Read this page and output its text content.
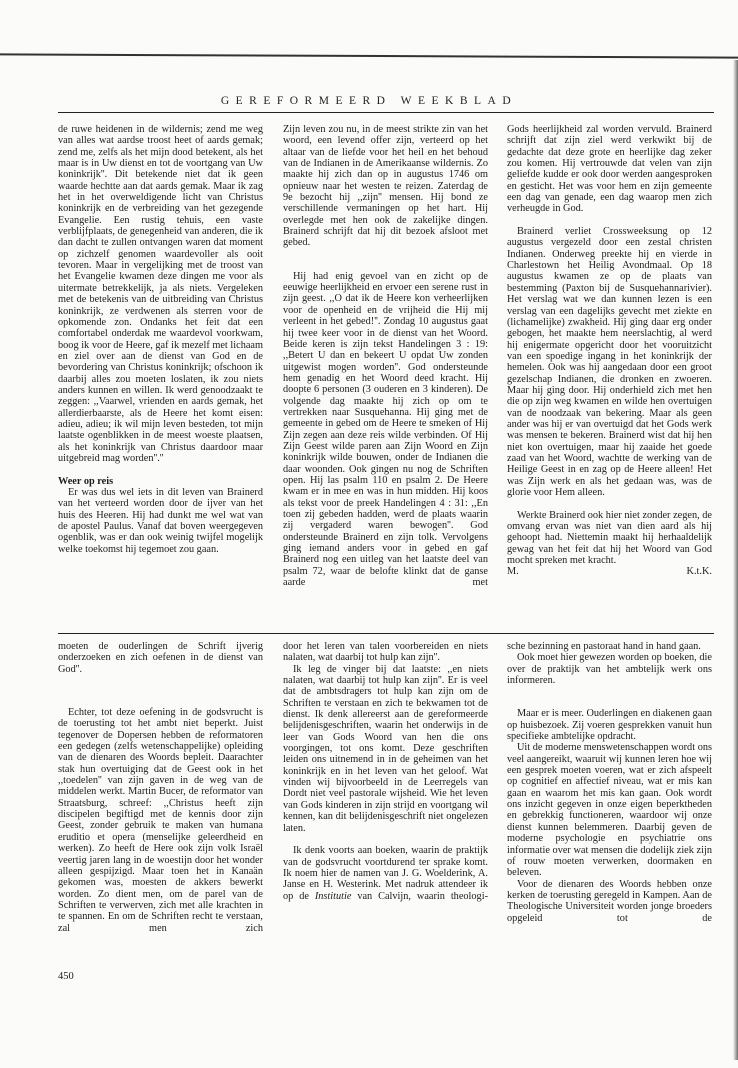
GEREFORMEERD WEEKBLAD

de ruwe heidenen in de wildernis; zend me weg van alles wat aardse troost heet of aards gemak; zend me, zelfs als het mijn dood betekent, als het maar is in Uw dienst en tot de voortgang van Uw koninkrijk''. Dit betekende niet dat ik geen waarde hechtte aan dat aards gemak. Maar ik zag het in het overweldigende licht van Christus koninkrijk en de verbreiding van het gezegende Evangelie. Een rustig tehuis, een vaste verblijfplaats, de genegenheid van anderen, die ik dan dacht te zullen ontvangen waren dat moment op zichzelf genomen waardevoller als ooit tevoren. Maar in vergelijking met de troost van het Evangelie kwamen deze dingen me voor als uitermate betrekkelijk, ja als niets. Vergeleken met de betekenis van de uitbreiding van Christus koninkrijk, ze verdwenen als sterren voor de opkomende zon. Ondanks het feit dat een comfortabel onderdak me waardevol voorkwam, boog ik voor de Heere, gaf ik mezelf met lichaam en ziel over aan de dienst van God en de bevordering van Christus koninkrijk; ofschoon ik daarbij alles zou moeten loslaten, ik zou niets anders kunnen en willen. Ik werd genoodzaakt te zeggen: ,,Vaarwel, vrienden en aards gemak, het allerdierbaarste, als de Heere het komt eisen: adieu, adieu; ik wil mijn leven besteden, tot mijn laatste ogenblikken in de meest woeste plaatsen, als het koninkrijk van Christus daardoor maar uitgebreid mag worden''.''

Weer op reis

Er was dus wel iets in dit leven van Brainerd van het verteerd worden door de ijver van het huis des Heeren. Hij had dunkt me wel wat van de apostel Paulus. Vanaf dat boven weergegeven ogenblik, was er dan ook weinig twijfel mogelijk welke toekomst hij tegemoet zou gaan.

Zijn leven zou nu, in de meest strikte zin van het woord, een levend offer zijn, verteerd op het altaar van de liefde voor het heil en het behoud van de Indianen in de Amerikaanse wildernis. Zo maakte hij zich dan op in augustus 1746 om opnieuw naar het westen te reizen. Zaterdag de 9e bezocht hij ,,zijn'' mensen. Hij bond ze verschillende vermaningen op het hart. Hij overlegde met hen ook de zakelijke dingen. Brainerd schrijft dat hij dit bezoek afsloot met gebed.

Hij had enig gevoel van en zicht op de eeuwige heerlijkheid en ervoer een serene rust in zijn geest. ,,O dat ik de Heere kon verheerlijken voor de openheid en de vrijheid die Hij mij verleent in het gebed!''. Zondag 10 augustus gaat hij twee keer voor in de dienst van het Woord. Beide keren is zijn tekst Handelingen 3 : 19: ,,Betert U dan en bekeert U opdat Uw zonden uitgewist mogen worden''. God ondersteunde hem genadig en het Woord deed kracht. Hij doopte 6 personen (3 ouderen en 3 kinderen). De volgende dag maakte hij zich op om te vertrekken naar Susquehanna. Hij ging met de gemeente in gebed om de Heere te smeken of Hij Zijn zegen aan deze reis wilde verbinden. Of Hij Zijn Geest wilde paren aan Zijn Woord en Zijn koninkrijk wilde bouwen, onder de Indianen die daar woonden. Ook gingen nu nog de Schriften open. Hij las psalm 110 en psalm 2. De Heere kwam er in mee en was in hun midden. Hij koos als tekst voor de preek Handelingen 4 : 31: ,,En toen zij gebeden hadden, werd de plaats waarin zij vergaderd waren bewogen''. God ondersteunde Brainerd en zijn tolk. Vervolgens ging iemand anders voor in gebed en gaf Brainerd nog een uitleg van het laatste deel van psalm 72, waar de belofte klinkt dat de ganse aarde met

Gods heerlijkheid zal worden vervuld. Brainerd schrijft dat zijn ziel werd verkwikt bij de gedachte dat deze grote en heerlijke dag zeker zou komen. Hij vertrouwde dat velen van zijn geliefde kudde er ook door werden aangesproken en gesticht. Het was voor hem en zijn gemeente een dag van genade, een dag waarop men zich verheugde in God.

Brainerd verliet Crossweeksung op 12 augustus vergezeld door een zestal christen Indianen. Onderweg preekte hij en vierde in Charlestown het Heilig Avondmaal. Op 18 augustus kwamen ze op de plaats van bestemming (Paxton bij de Susquehannarivier). Het verslag wat we dan kunnen lezen is een verslag van een dagelijks gevecht met ziekte en (lichamelijke) zwakheid. Hij ging daar erg onder gebogen, het maakte hem neerslachtig, al werd hij enigermate opgericht door het vooruitzicht van een spoedige ingang in het koninkrijk der hemelen. Ook was hij aangedaan door een groot gezelschap Indianen, die dronken en zwoeren. Maar hij ging door. Hij onderhield zich met hen die op zijn weg kwamen en wilde hen overtuigen van de noodzaak van bekering. Maar als geen ander was hij er van overtuigd dat het Gods werk was mensen te bekeren. Brainerd wist dat hij hen niet kon overtuigen, maar hij zaaide het goede zaad van het Woord, wachtte de werking van de Heilige Geest in en zag op de Heere alleen! Het was Zijn werk en als het gedaan was, was de glorie voor Hem alleen.

Werkte Brainerd ook hier niet zonder zegen, de omvang ervan was niet van dien aard als hij gehoopt had. Niettemin maakt hij herhaaldelijk gewag van het feit dat hij het Woord van God mocht spreken met kracht.

M.	K.t.K.

moeten de ouderlingen de Schrift ijverig onderzoeken en zich oefenen in de dienst van God''.

Echter, tot deze oefening in de godsvrucht is de toerusting tot het ambt niet beperkt. Juist tegenover de Dopersen hebben de reformatoren een gedegen (zelfs wetenschappelijke) opleiding van de dienaren des Woords bepleit. Daarachter stak hun overtuiging dat de Geest ook in het ,,toedelen'' van zijn gaven in de weg van de middelen werkt. Martin Bucer, de reformator van Straatsburg, schreef: ,,Christus heeft zijn discipelen begiftigd met de kennis door zijn Geest, zonder gebruik te maken van humana eruditio et opera (menselijke geleerdheid en werken). Zo heeft de Here ook zijn volk Israël veertig jaren lang in de woestijn door het wonder alleen gespijzigd. Maar toen het in Kanaän gekomen was, moesten de akkers bewerkt worden. Zo dient men, om de parel van de Schriften te verwerven, zich met alle krachten in te spannen. En om de Schriften recht te verstaan, zal men zich

door het leren van talen voorbereiden en niets nalaten, wat daarbij tot hulp kan zijn''.

Ik leg de vinger bij dat laatste: ,,en niets nalaten, wat daarbij tot hulp kan zijn''. Er is veel dat de ambtsdragers tot hulp kan zijn om de Schriften te verstaan en zich te bekwamen tot de dienst. Ik denk allereerst aan de gereformeerde belijdenisgeschriften, waarin het onderwijs in de leer van Gods Woord van hen die ons voorgingen, tot ons komt. Deze geschriften leiden ons uitnemend in in de geheimen van het koninkrijk en in het leven van het geloof. Wat vinden wij bijvoorbeeld in de Leerregels van Dordt niet veel pastorale wijsheid. Wie het leven van Gods kinderen in zijn strijd en voortgang wil kennen, kan dit belijdenisgeschrift niet ongelezen laten.

Ik denk voorts aan boeken, waarin de praktijk van de godsvrucht voortdurend ter sprake komt. Ik noem hier de namen van J. G. Woelderink, A. Janse en H. Westerink. Met nadruk attendeer ik op de Institutie van Calvijn, waarin theologi-

sche bezinning en pastoraat hand in hand gaan.

Ook moet hier gewezen worden op boeken, die over de praktijk van het ambtelijk werk ons informeren.

Maar er is meer. Ouderlingen en diakenen gaan op huisbezoek. Zij voeren gesprekken vanuit hun specifieke ambtelijke opdracht.

Uit de moderne menswetenschappen wordt ons veel aangereikt, waaruit wij kunnen leren hoe wij een gesprek moeten voeren, wat er zich afspeelt op cognitief en affectief niveau, wat er mis kan gaan en waarom het mis kan gaan. Ook wordt ons inzicht gegeven in onze eigen beperktheden en gebrekkig functioneren, waardoor wij onze dienst kunnen belemmeren. Daarbij geven de moderne psychologie en psychiatrie ons informatie over wat mensen die dodelijk ziek zijn of rouw moeten verwerken, doormaken en beleven.

Voor de dienaren des Woords hebben onze kerken de toerusting geregeld in Kampen. Aan de Theologische Universiteit worden jonge broeders opgeleid tot de

450
